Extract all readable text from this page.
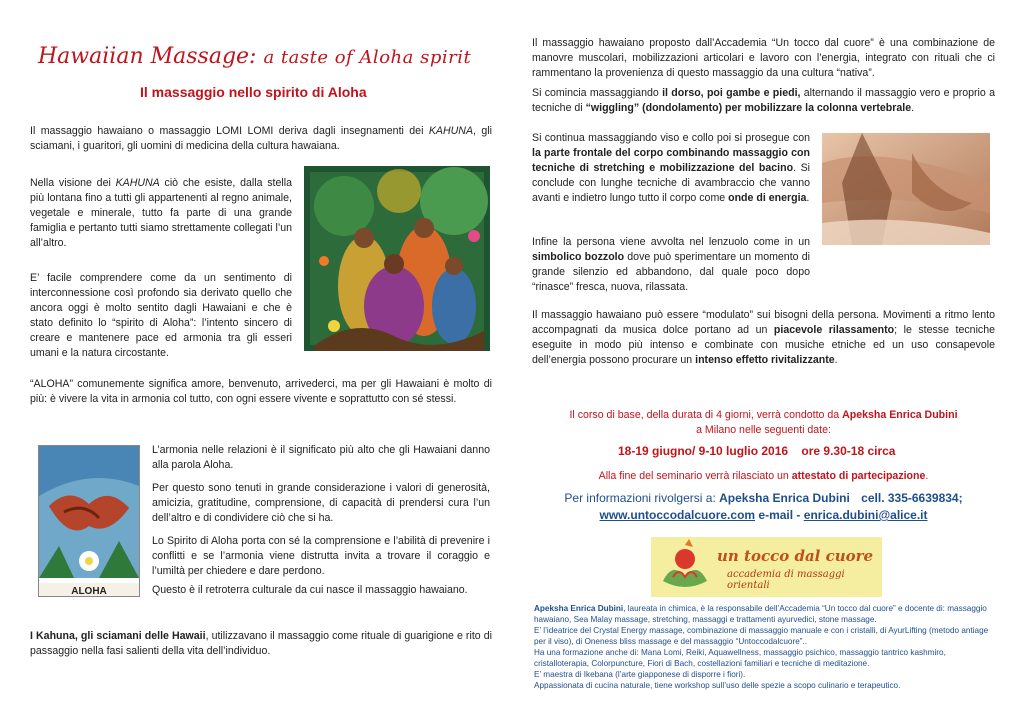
Hawaiian Massage: a taste of Aloha spirit
Il massaggio nello spirito di Aloha

Il massaggio hawaiano o massaggio LOMI LOMI deriva dagli insegnamenti dei KAHUNA, gli sciamani, i guaritori, gli uomini di medicina della cultura hawaiana.

Nella visione dei KAHUNA ciò che esiste, dalla stella più lontana fino a tutti gli appartenenti al regno animale, vegetale e minerale, tutto fa parte di una grande famiglia e pertanto tutti siamo strettamente collegati l’un all’altro.

E’ facile comprendere come da un sentimento di interconnessione così profondo sia derivato quello che ancora oggi è molto sentito dagli Hawaiani e che è stato definito lo “spirito di Aloha”: l’intento sincero di creare e mantenere pace ed armonia tra gli esseri umani e la natura circostante.

“ALOHA” comunemente significa amore, benvenuto, arrivederci, ma per gli Hawaiani è molto di più: è vivere la vita in armonia col tutto, con ogni essere vivente e soprattutto con sé stessi.

ALOHA

L’armonia nelle relazioni è il significato più alto che gli Hawaiani danno alla parola Aloha.

Per questo sono tenuti in grande considerazione i valori di generosità, amicizia, gratitudine, comprensione, di capacità di prendersi cura l’un dell’altro e di condividere ciò che si ha.

Lo Spirito di Aloha porta con sé la comprensione e l’abilità di prevenire i conflitti e se l’armonia viene distrutta invita a trovare il coraggio e l’umiltà per chiedere e dare perdono.

Questo è il retroterra culturale da cui nasce il massaggio hawaiano.

I Kahuna, gli sciamani delle Hawaii, utilizzavano il massaggio come rituale di guarigione e rito di passaggio nella fasi salienti della vita dell’individuo.

Il massaggio hawaiano proposto dall’Accademia “Un tocco dal cuore” è una combinazione de manovre muscolari, mobilizzazioni articolari e lavoro con l’energia, integrato con rituali che ci rammentano la provenienza di questo massaggio da una cultura “nativa”.

Si comincia massaggiando il dorso, poi gambe e piedi, alternando il massaggio vero e proprio a tecniche di “wiggling” (dondolamento) per mobilizzare la colonna vertebrale.

Si continua massaggiando viso e collo poi si prosegue con la parte frontale del corpo combinando massaggio con tecniche di stretching e mobilizzazione del bacino. Si conclude con lunghe tecniche di avambraccio che vanno avanti e indietro lungo tutto il corpo come onde di energia.

Infine la persona viene avvolta nel lenzuolo come in un simbolico bozzolo dove può sperimentare un momento di grande silenzio ed abbandono, dal quale poco dopo “rinasce” fresca, nuova, rilassata.

Il massaggio hawaiano può essere “modulato” sui bisogni della persona. Movimenti a ritmo lento accompagnati da musica dolce portano ad un piacevole rilassamento; le stesse tecniche eseguite in modo più intenso e combinate con musiche etniche ed un uso consapevole dell’energia possono procurare un intenso effetto rivitalizzante.

Il corso di base, della durata di 4 giorni, verrà condotto da Apeksha Enrica Dubini
a Milano nelle seguenti date:
18-19 giugno/ 9-10 luglio 2016 ore 9.30-18 circa
Alla fine del seminario verrà rilasciato un attestato di partecipazione.
Per informazioni rivolgersi a: Apeksha Enrica Dubini cell. 335-6639834;
www.untoccodalcuore.com e-mail - enrica.dubini@alice.it
un tocco dal cuore
accademia di massaggi orientali
Apeksha Enrica Dubini, laureata in chimica, è la responsabile dell’Accademia “Un tocco dal cuore” e docente di: massaggio hawaiano, Sea Malay massage, stretching, massaggi e trattamenti ayurvedici, stone massage.
E’ l’ideatrice del Crystal Energy massage, combinazione di massaggio manuale e con i cristalli, di AyurLifting (metodo antiage per il viso), di Oneness bliss massage e del massaggio “Untoccodalcuore”..
Ha una formazione anche di: Mana Lomi, Reiki, Aquawellness, massaggio psichico, massaggio tantrico kashmiro, cristalloterapia, Colorpuncture, Fiori di Bach, costellazioni familiari e tecniche di meditazione.
E’ maestra di Ikebana (l’arte giapponese di disporre i fiori).
Appassionata di cucina naturale, tiene workshop sull’uso delle spezie a scopo culinario e terapeutico.
